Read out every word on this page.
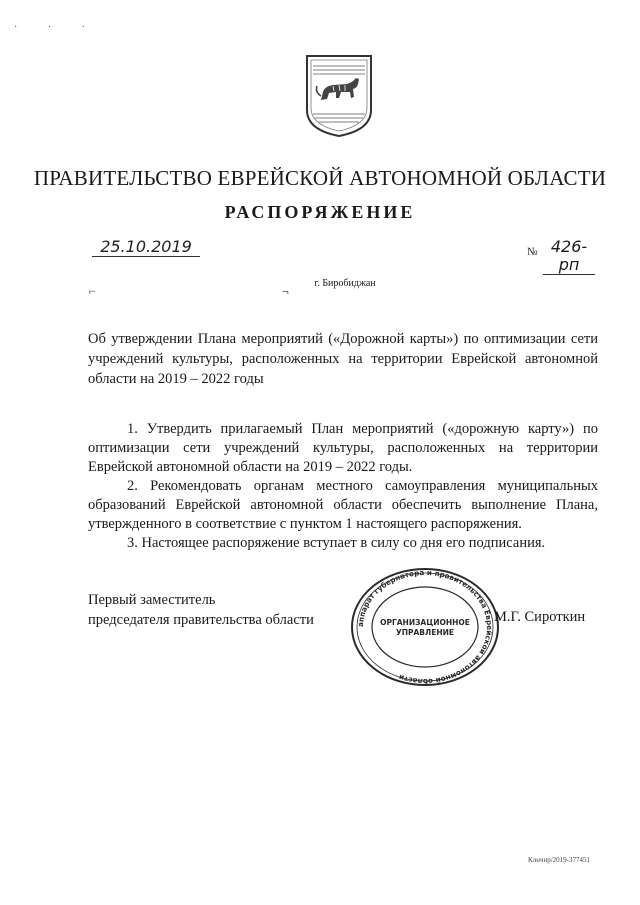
· · ·
ПРАВИТЕЛЬСТВО ЕВРЕЙСКОЙ АВТОНОМНОЙ ОБЛАСТИ
РАСПОРЯЖЕНИЕ
25.10.2019	№ 426-рп
г. Биробиджан
⌐	¬
Об утверждении Плана мероприятий («Дорожной карты») по оптимизации сети учреждений культуры, расположенных на территории Еврейской автономной области на 2019 – 2022 годы

1. Утвердить прилагаемый План мероприятий («дорожную карту») по оптимизации сети учреждений культуры, расположенных на территории Еврейской автономной области на 2019 – 2022 годы.

2. Рекомендовать органам местного самоуправления муниципальных образований Еврейской автономной области обеспечить выполнение Плана, утвержденного в соответствие с пунктом 1 настоящего распоряжения.

3. Настоящее распоряжение вступает в силу со дня его подписания.

Первый заместитель
председателя правительства области	аппарат губернатора и правительства Еврейской автономной области
ОРГАНИЗАЦИОННОЕ
УПРАВЛЕНИЕ
М.Г. Сироткин
Клнчнр/2019-377451
